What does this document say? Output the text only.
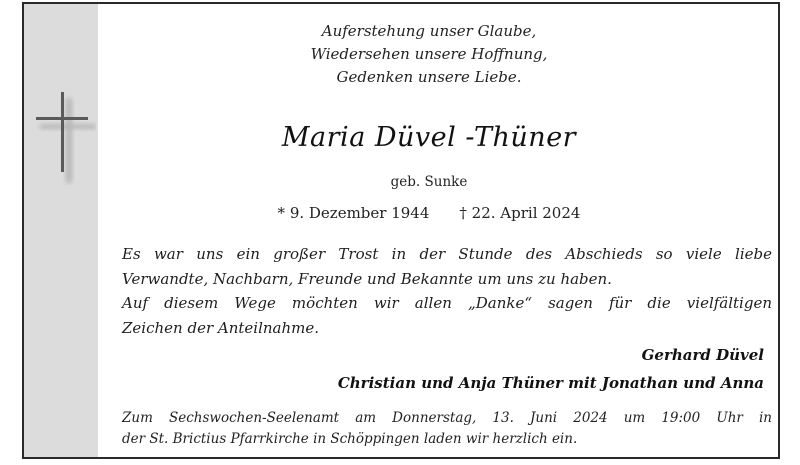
Auferstehung unser Glaube,
Wiedersehen unsere Hoffnung,
Gedenken unsere Liebe.
Maria Düvel -Thüner
geb. Sunke
* 9. Dezember 1944 † 22. April 2024
Es war uns ein großer Trost in der Stunde des Abschieds so viele liebe
Verwandte, Nachbarn, Freunde und Bekannte um uns zu haben.
Auf diesem Wege möchten wir allen „Danke“ sagen für die vielfältigen
Zeichen der Anteilnahme.
Gerhard Düvel
Christian und Anja Thüner mit Jonathan und Anna
Zum Sechswochen-Seelenamt am Donnerstag, 13. Juni 2024 um 19:00 Uhr in
der St. Brictius Pfarrkirche in Schöppingen laden wir herzlich ein.
